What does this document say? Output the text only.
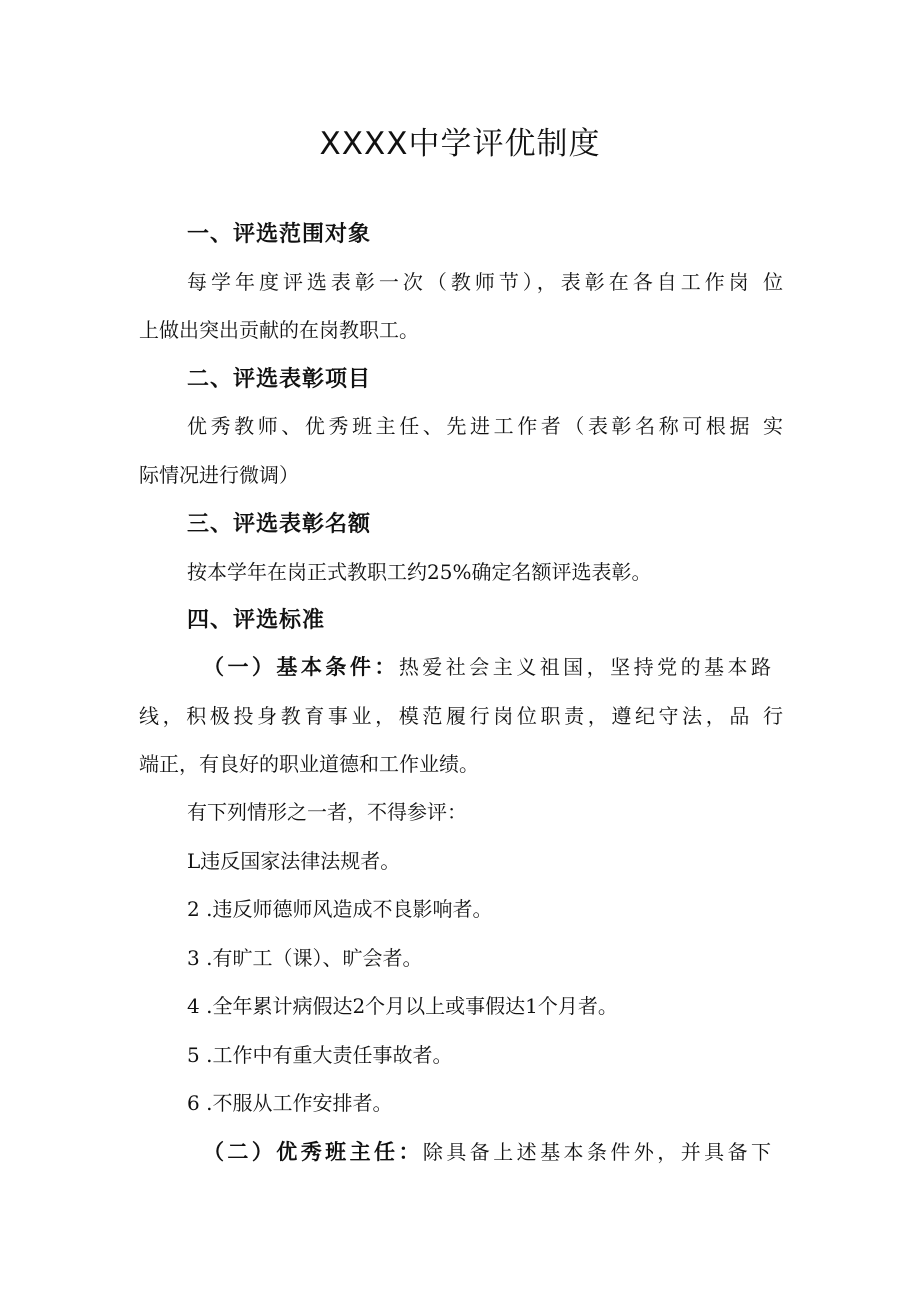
XXXX中学评优制度
一、评选范围对象
每学年度评选表彰一次（教师节），表彰在各自工作岗 位
上做出突出贡献的在岗教职工。
二、评选表彰项目
优秀教师、优秀班主任、先进工作者（表彰名称可根据 实
际情况进行微调）
三、评选表彰名额
按本学年在岗正式教职工约25%确定名额评选表彰。
四、评选标准
（一）基本条件：热爱社会主义祖国，坚持党的基本路
线，积极投身教育事业，模范履行岗位职责，遵纪守法，品 行
端正，有良好的职业道德和工作业绩。
有下列情形之一者，不得参评：
L违反国家法律法规者。
2 .违反师德师风造成不良影响者。
3 .有旷工（课）、旷会者。
4 .全年累计病假达2个月以上或事假达1个月者。
5 .工作中有重大责任事故者。
6 .不服从工作安排者。
（二）优秀班主任：除具备上述基本条件外，并具备下
